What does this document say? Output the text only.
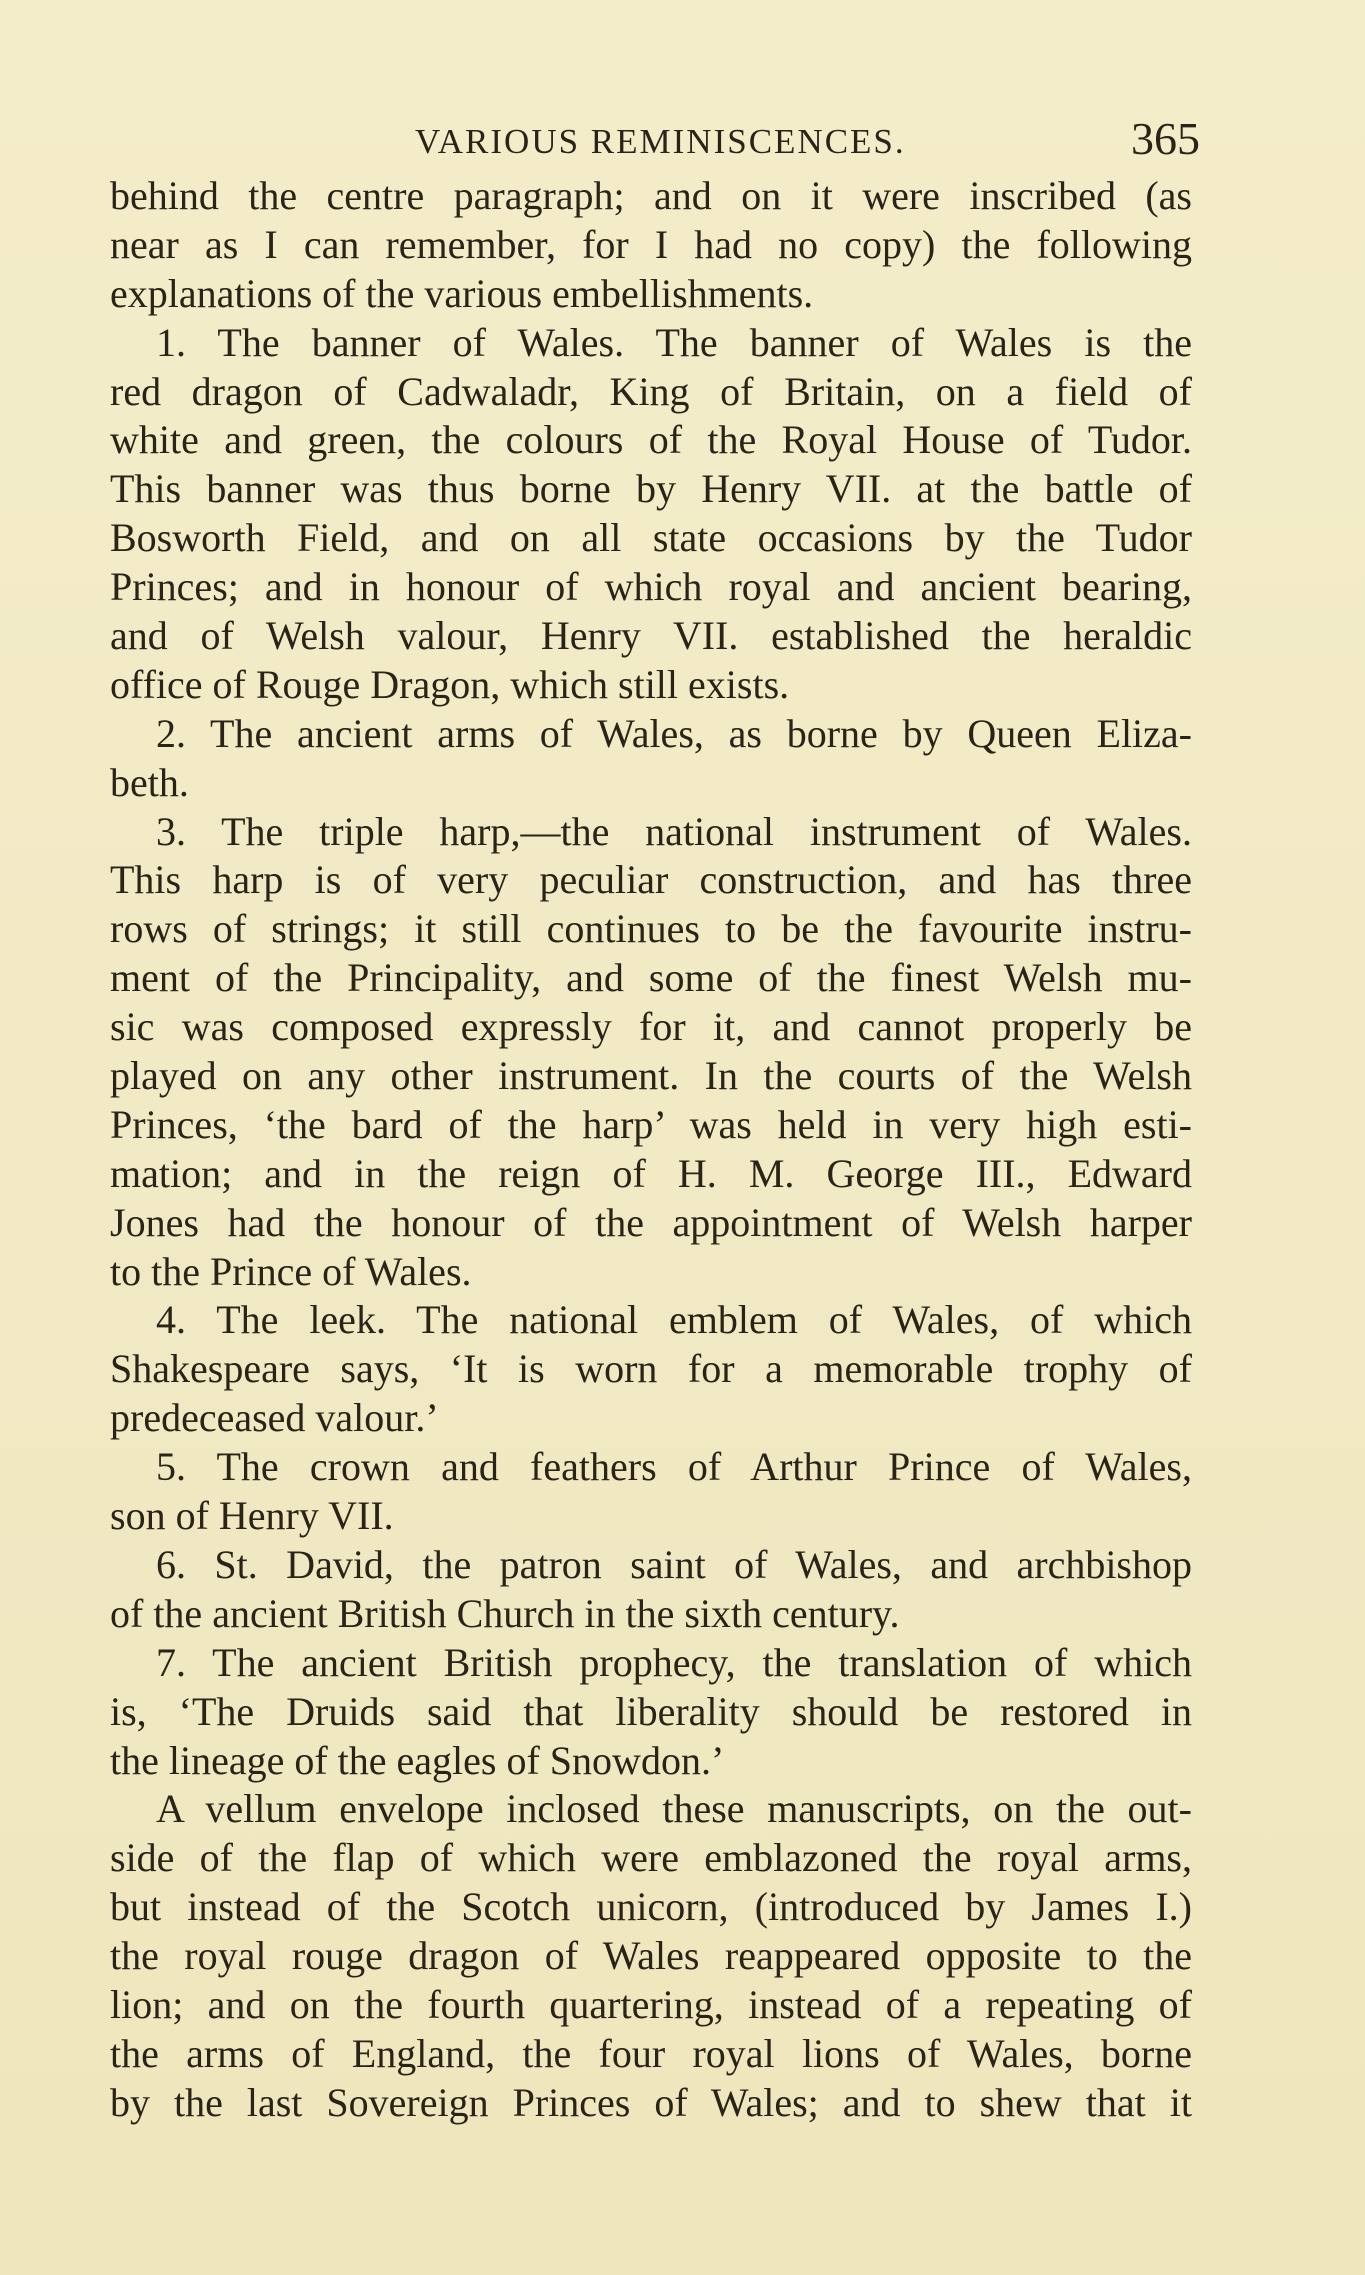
VARIOUS REMINISCENCES.	365
behind the centre paragraph; and on it were inscribed (as
near as I can remember, for I had no copy) the following
explanations of the various embellishments.
1. The banner of Wales. The banner of Wales is the
red dragon of Cadwaladr, King of Britain, on a field of
white and green, the colours of the Royal House of Tudor.
This banner was thus borne by Henry VII. at the battle of
Bosworth Field, and on all state occasions by the Tudor
Princes; and in honour of which royal and ancient bearing,
and of Welsh valour, Henry VII. established the heraldic
office of Rouge Dragon, which still exists.
2. The ancient arms of Wales, as borne by Queen Eliza-
beth.
3. The triple harp,—the national instrument of Wales.
This harp is of very peculiar construction, and has three
rows of strings; it still continues to be the favourite instru-
ment of the Principality, and some of the finest Welsh mu-
sic was composed expressly for it, and cannot properly be
played on any other instrument. In the courts of the Welsh
Princes, ‘the bard of the harp’ was held in very high esti-
mation; and in the reign of H. M. George III., Edward
Jones had the honour of the appointment of Welsh harper
to the Prince of Wales.
4. The leek. The national emblem of Wales, of which
Shakespeare says, ‘It is worn for a memorable trophy of
predeceased valour.’
5. The crown and feathers of Arthur Prince of Wales,
son of Henry VII.
6. St. David, the patron saint of Wales, and archbishop
of the ancient British Church in the sixth century.
7. The ancient British prophecy, the translation of which
is, ‘The Druids said that liberality should be restored in
the lineage of the eagles of Snowdon.’
A vellum envelope inclosed these manuscripts, on the out-
side of the flap of which were emblazoned the royal arms,
but instead of the Scotch unicorn, (introduced by James I.)
the royal rouge dragon of Wales reappeared opposite to the
lion; and on the fourth quartering, instead of a repeating of
the arms of England, the four royal lions of Wales, borne
by the last Sovereign Princes of Wales; and to shew that it
